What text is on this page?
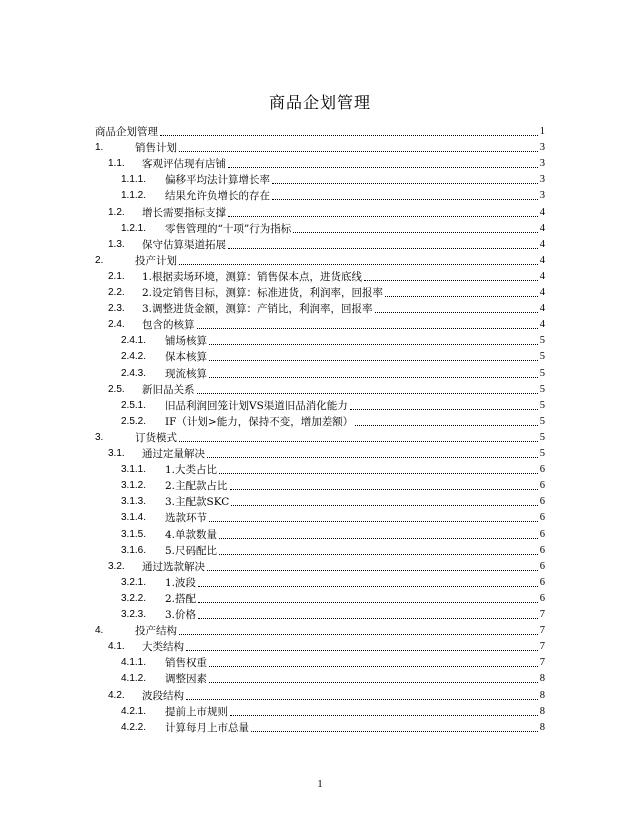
商品企划管理
商品企划管理	1
1.	销售计划	3
1.1.	客观评估现有店铺	3
1.1.1.	偏移平均法计算增长率	3
1.1.2.	结果允许负增长的存在	3
1.2.	增长需要指标支撑	4
1.2.1.	零售管理的“十项”行为指标	4
1.3.	保守估算渠道拓展	4
2.	投产计划	4
2.1.	1.根据卖场环境，测算：销售保本点，进货底线	4
2.2.	2.设定销售目标，测算：标准进货，利润率，回报率	4
2.3.	3.调整进货金额，测算：产销比，利润率，回报率	4
2.4.	包含的核算	4
2.4.1.	铺场核算	5
2.4.2.	保本核算	5
2.4.3.	现流核算	5
2.5.	新旧品关系	5
2.5.1.	旧品利润回笼计划VS渠道旧品消化能力	5
2.5.2.	IF（计划>能力，保持不变，增加差额）	5
3.	订货模式	5
3.1.	通过定量解决	5
3.1.1.	1.大类占比	6
3.1.2.	2.主配款占比	6
3.1.3.	3.主配款SKC	6
3.1.4.	选款环节	6
3.1.5.	4.单款数量	6
3.1.6.	5.尺码配比	6
3.2.	通过选款解决	6
3.2.1.	1.波段	6
3.2.2.	2.搭配	6
3.2.3.	3.价格	7
4.	投产结构	7
4.1.	大类结构	7
4.1.1.	销售权重	7
4.1.2.	调整因素	8
4.2.	波段结构	8
4.2.1.	提前上市规则	8
4.2.2.	计算每月上市总量	8
1
